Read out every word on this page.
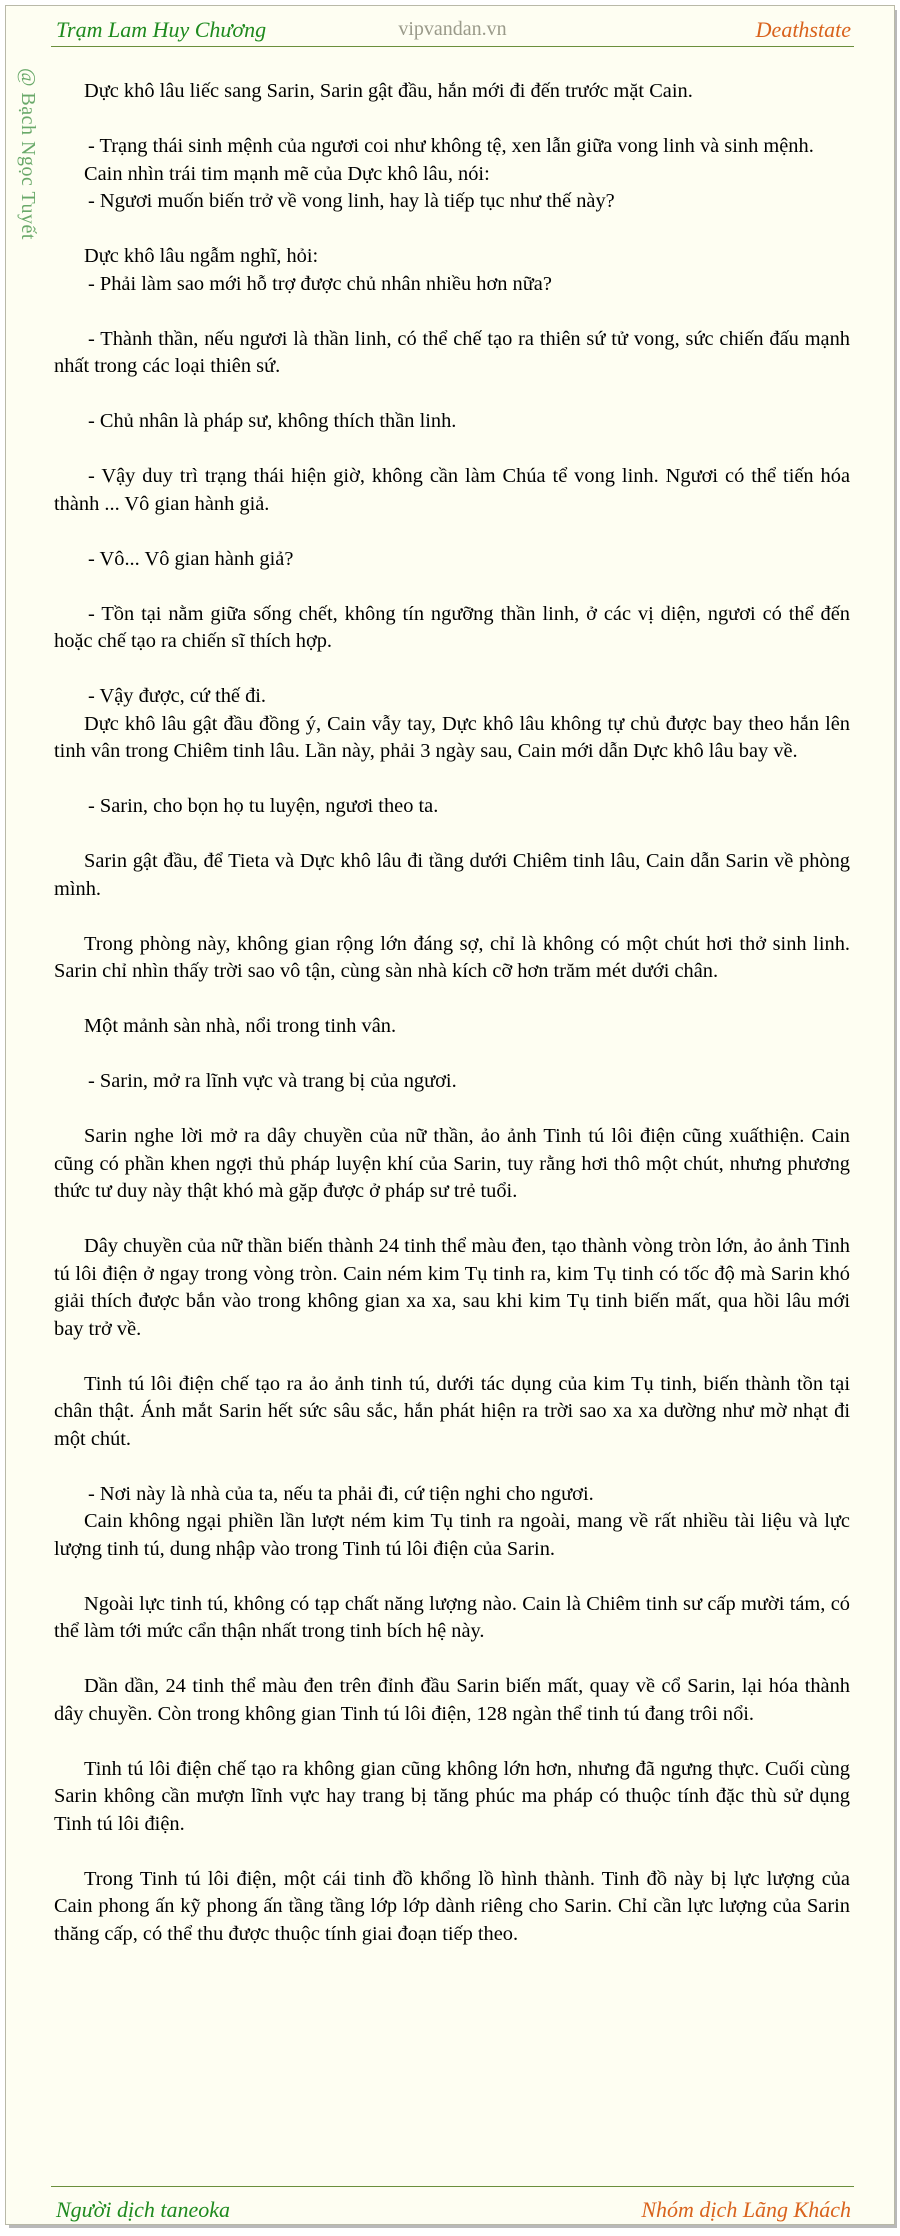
Trạm Lam Huy Chương	vipvandan.vn	Deathstate
@ Bạch Ngọc Tuyết	Dực khô lâu liếc sang Sarin, Sarin gật đầu, hắn mới đi đến trước mặt Cain.

- Trạng thái sinh mệnh của ngươi coi như không tệ, xen lẫn giữa vong linh và sinh mệnh.

Cain nhìn trái tim mạnh mẽ của Dực khô lâu, nói:

- Ngươi muốn biến trở về vong linh, hay là tiếp tục như thế này?

Dực khô lâu ngẫm nghĩ, hỏi:

- Phải làm sao mới hỗ trợ được chủ nhân nhiều hơn nữa?

- Thành thần, nếu ngươi là thần linh, có thể chế tạo ra thiên sứ tử vong, sức chiến đấu mạnh nhất trong các loại thiên sứ.

- Chủ nhân là pháp sư, không thích thần linh.

- Vậy duy trì trạng thái hiện giờ, không cần làm Chúa tể vong linh. Ngươi có thể tiến hóa thành ... Vô gian hành giả.

- Vô... Vô gian hành giả?

- Tồn tại nằm giữa sống chết, không tín ngưỡng thần linh, ở các vị diện, ngươi có thể đến hoặc chế tạo ra chiến sĩ thích hợp.

- Vậy được, cứ thế đi.

Dực khô lâu gật đầu đồng ý, Cain vẫy tay, Dực khô lâu không tự chủ được bay theo hắn lên tinh vân trong Chiêm tinh lâu. Lần này, phải 3 ngày sau, Cain mới dẫn Dực khô lâu bay về.

- Sarin, cho bọn họ tu luyện, ngươi theo ta.

Sarin gật đầu, để Tieta và Dực khô lâu đi tầng dưới Chiêm tinh lâu, Cain dẫn Sarin về phòng mình.

Trong phòng này, không gian rộng lớn đáng sợ, chỉ là không có một chút hơi thở sinh linh. Sarin chỉ nhìn thấy trời sao vô tận, cùng sàn nhà kích cỡ hơn trăm mét dưới chân.

Một mảnh sàn nhà, nổi trong tinh vân.

- Sarin, mở ra lĩnh vực và trang bị của ngươi.

Sarin nghe lời mở ra dây chuyền của nữ thần, ảo ảnh Tinh tú lôi điện cũng xuấthiện. Cain cũng có phần khen ngợi thủ pháp luyện khí của Sarin, tuy rằng hơi thô một chút, nhưng phương thức tư duy này thật khó mà gặp được ở pháp sư trẻ tuổi.

Dây chuyền của nữ thần biến thành 24 tinh thể màu đen, tạo thành vòng tròn lớn, ảo ảnh Tinh tú lôi điện ở ngay trong vòng tròn. Cain ném kim Tụ tinh ra, kim Tụ tinh có tốc độ mà Sarin khó giải thích được bắn vào trong không gian xa xa, sau khi kim Tụ tinh biến mất, qua hồi lâu mới bay trở về.

Tinh tú lôi điện chế tạo ra ảo ảnh tinh tú, dưới tác dụng của kim Tụ tinh, biến thành tồn tại chân thật. Ánh mắt Sarin hết sức sâu sắc, hắn phát hiện ra trời sao xa xa dường như mờ nhạt đi một chút.

- Nơi này là nhà của ta, nếu ta phải đi, cứ tiện nghi cho ngươi.

Cain không ngại phiền lần lượt ném kim Tụ tinh ra ngoài, mang về rất nhiều tài liệu và lực lượng tinh tú, dung nhập vào trong Tinh tú lôi điện của Sarin.

Ngoài lực tinh tú, không có tạp chất năng lượng nào. Cain là Chiêm tinh sư cấp mười tám, có thể làm tới mức cẩn thận nhất trong tinh bích hệ này.

Dần dần, 24 tinh thể màu đen trên đỉnh đầu Sarin biến mất, quay về cổ Sarin, lại hóa thành dây chuyền. Còn trong không gian Tinh tú lôi điện, 128 ngàn thể tinh tú đang trôi nổi.

Tinh tú lôi điện chế tạo ra không gian cũng không lớn hơn, nhưng đã ngưng thực. Cuối cùng Sarin không cần mượn lĩnh vực hay trang bị tăng phúc ma pháp có thuộc tính đặc thù sử dụng Tinh tú lôi điện.

Trong Tinh tú lôi điện, một cái tinh đồ khổng lồ hình thành. Tinh đồ này bị lực lượng của Cain phong ấn kỹ phong ấn tầng tầng lớp lớp dành riêng cho Sarin. Chỉ cần lực lượng của Sarin thăng cấp, có thể thu được thuộc tính giai đoạn tiếp theo.

Người dịch taneoka	Nhóm dịch Lãng Khách
